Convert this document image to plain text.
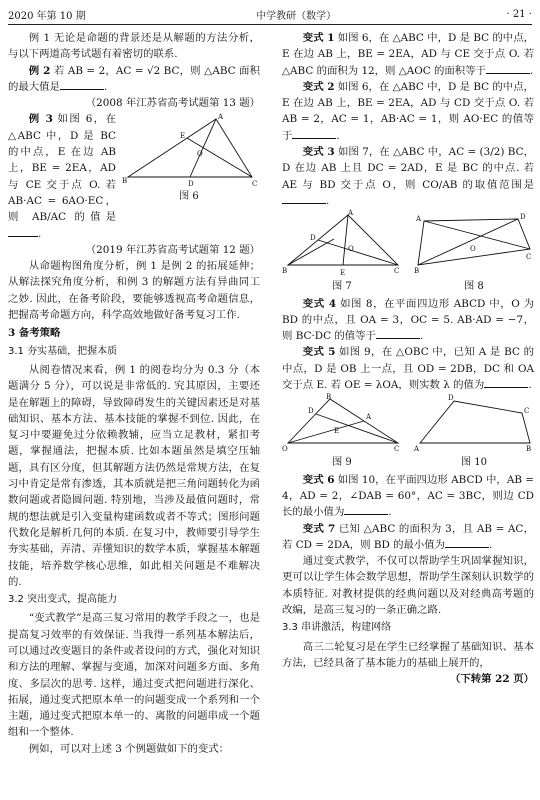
2020 年第 10 期	中学教研（数学）	· 21 ·

例 1 无论是命题的背景还是从解题的方法分析，与以下两道高考试题有着密切的联系.

例 2 若 AB = 2，AC = √2 BC，则 △ABC 面积的最大值是	.

（2008 年江苏省高考试题第 13 题）

例 3 如图 6，在 △ABC 中，D 是 BC 的中点，E 在边 AB 上，BE = 2EA，AD 与 CE 交于点 O. 若 AB·AC = 6AO·EC，则 AB/AC 的值是.

A
E
O
B	D	C
图 6

（2019 年江苏省高考试题第 12 题）

从命题构图角度分析，例 1 是例 2 的拓展延伸；从解法探究角度分析，和例 3 的解题方法有异曲同工之妙. 因此，在备考阶段，要能够透视高考命题信息，把握高考命题方向，科学高效地做好备考复习工作.

3 备考策略

3.1 夯实基础，把握本质

从阅卷情况来看，例 1 的阅卷均分为 0.3 分（本题满分 5 分），可以说是非常低的. 究其原因，主要还是在解题上的障碍，导致障碍发生的关键因素还是对基础知识、基本方法、基本技能的掌握不到位. 因此，在复习中要避免过分依赖教辅，应当立足教材，紧扣考题，掌握通法，把握本质. 比如本题虽然是填空压轴题，具有区分度，但其解题方法仍然是常规方法，在复习中肯定是常有渗透，其本质就是把三角问题转化为函数问题或者隐圆问题. 特别地，当涉及最值问题时，常规的想法就是引入变量构建函数或者不等式；图形问题代数化是解析几何的本质. 在复习中，教师要引导学生夯实基础，弄清、弄懂知识的数学本质，掌握基本解题技能，培养数学核心思维，如此相关问题是不难解决的.

3.2 突出变式，提高能力

“变式教学”是高三复习常用的教学手段之一，也是提高复习效率的有效保证. 当我得一系列基本解法后，可以通过改变题目的条件或者设问的方式，强化对知识和方法的理解、掌握与变通，加深对问题多方面、多角度、多层次的思考. 这样，通过变式把问题进行深化、拓展，通过变式把原本单一的问题变成一个系列和一个主题，通过变式把原本单一的、离散的问题串成一个题组和一个整体.

例如，可以对上述 3 个例题做如下的变式：

变式 1 如图 6，在 △ABC 中，D 是 BC 的中点，E 在边 AB 上，BE = 2EA，AD 与 CE 交于点 O. 若 △ABC 的面积为 12，则 △AOC 的面积等于	.

变式 2 如图 6，在 △ABC 中，D 是 BC 的中点，E 在边 AB 上，BE = 2EA，AD 与 CD 交于点 O. 若 AB = 2，AC = 1，AB·AC = 1，则 AO·EC 的值等于	.

变式 3 如图 7，在 △ABC 中，AC = (3/2) BC，D 在边 AB 上且 DC = 2AD，E 是 BC 的中点. 若 AE 与 BD 交于点 O，则 CO/AB 的取值范围是.

A
D
O
B	E	C
图 7
A
B
O
D
C
图 8

变式 4 如图 8，在平面四边形 ABCD 中，O 为 BD 的中点，且 OA = 3，OC = 5. AB·AD = −7，则 BC·DC 的值等于	.

变式 5 如图 9，在 △OBC 中，已知 A 是 BC 的中点，D 是 OB 上一点，且 OD = 2DB，DC 和 OA 交于点 E. 若 OE = λOA，则实数 λ 的值为	.

B
A
D
E
O	C
图 9
D
C
A	B
图 10

变式 6 如图 10，在平面四边形 ABCD 中，AB = 4，AD = 2，∠DAB = 60°，AC = 3BC，则边 CD 长的最小值为	.

变式 7 已知 △ABC 的面积为 3，且 AB = AC，若 CD = 2DA，则 BD 的最小值为	.

通过变式教学，不仅可以帮助学生巩固掌握知识，更可以让学生体会数学思想，帮助学生深刻认识数学的本质特征. 对教材提供的经典问题以及对经典高考题的改编，是高三复习的一条正确之路.

3.3 串讲激活，构建网络

高三二轮复习是在学生已经掌握了基础知识、基本方法，已经具备了基本能力的基础上展开的，

（下转第 22 页）
